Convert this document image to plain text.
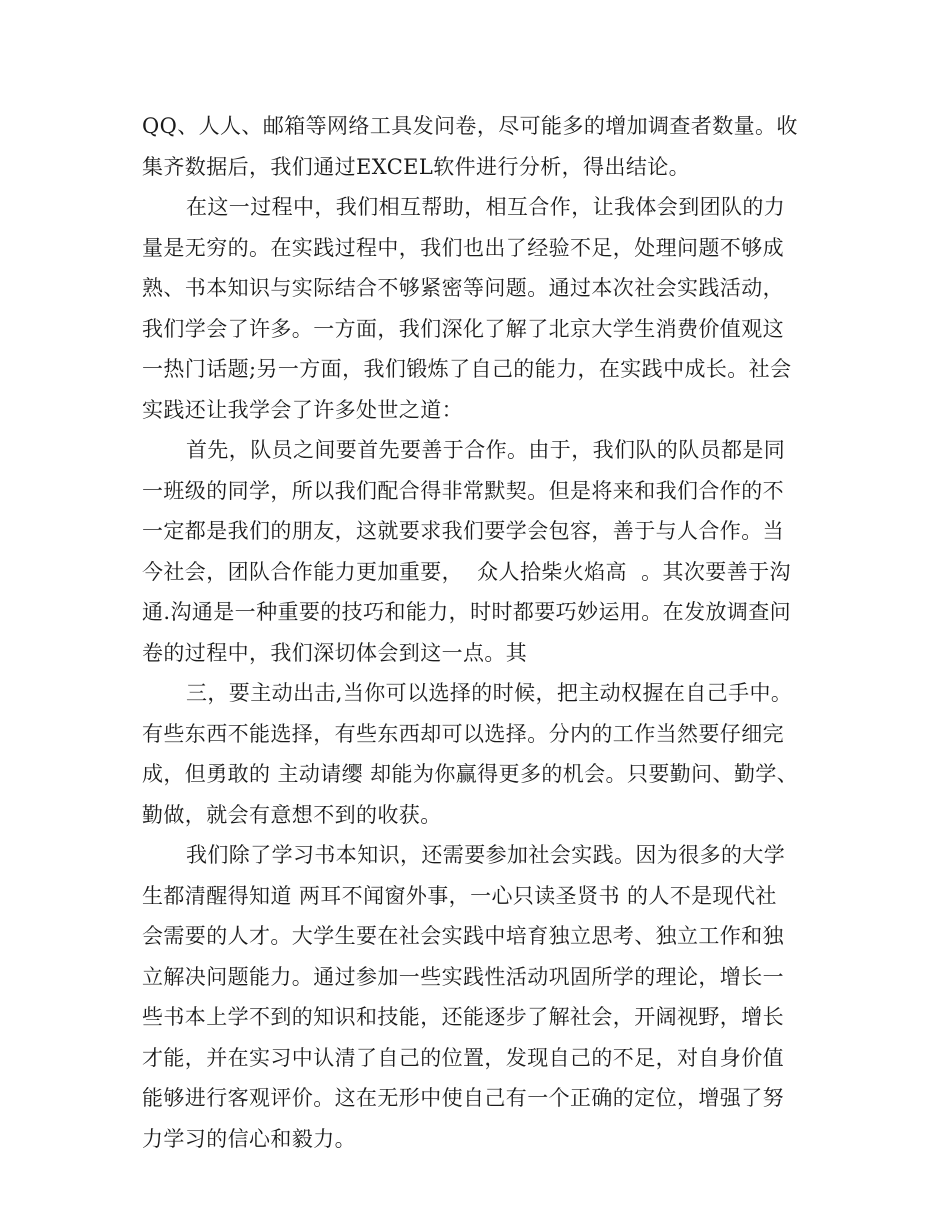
QQ、人人、邮箱等网络工具发问卷，尽可能多的增加调查者数量。收
集齐数据后，我们通过EXCEL软件进行分析，得出结论。
在这一过程中，我们相互帮助，相互合作，让我体会到团队的力
量是无穷的。在实践过程中，我们也出了经验不足，处理问题不够成
熟、书本知识与实际结合不够紧密等问题。通过本次社会实践活动，
我们学会了许多。一方面，我们深化了解了北京大学生消费价值观这
一热门话题;另一方面，我们锻炼了自己的能力，在实践中成长。社会
实践还让我学会了许多处世之道：
首先，队员之间要首先要善于合作。由于，我们队的队员都是同
一班级的同学，所以我们配合得非常默契。但是将来和我们合作的不
一定都是我们的朋友，这就要求我们要学会包容，善于与人合作。当
今社会，团队合作能力更加重要，  众人拾柴火焰高  。其次要善于沟
通.沟通是一种重要的技巧和能力，时时都要巧妙运用。在发放调查问
卷的过程中，我们深切体会到这一点。其
三，要主动出击,当你可以选择的时候，把主动权握在自己手中。
有些东西不能选择，有些东西却可以选择。分内的工作当然要仔细完
成，但勇敢的 主动请缨 却能为你赢得更多的机会。只要勤问、勤学、
勤做，就会有意想不到的收获。
我们除了学习书本知识，还需要参加社会实践。因为很多的大学
生都清醒得知道 两耳不闻窗外事，一心只读圣贤书 的人不是现代社
会需要的人才。大学生要在社会实践中培育独立思考、独立工作和独
立解决问题能力。通过参加一些实践性活动巩固所学的理论，增长一
些书本上学不到的知识和技能，还能逐步了解社会，开阔视野，增长
才能，并在实习中认清了自己的位置，发现自己的不足，对自身价值
能够进行客观评价。这在无形中使自己有一个正确的定位，增强了努
力学习的信心和毅力。
